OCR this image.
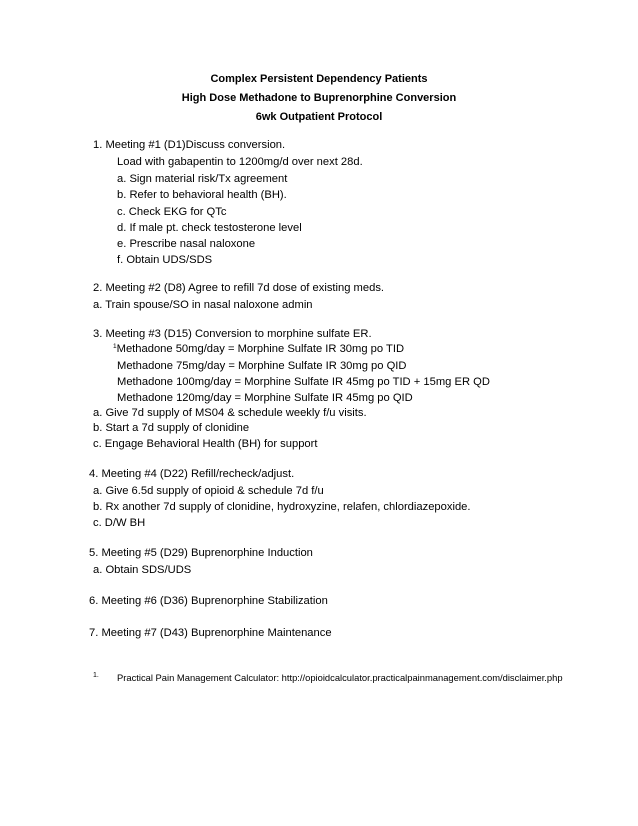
Complex Persistent Dependency Patients
High Dose Methadone to Buprenorphine Conversion
6wk Outpatient Protocol
1. Meeting #1 (D1)Discuss conversion.
Load with gabapentin to 1200mg/d over next 28d.
a. Sign material risk/Tx agreement
b. Refer to behavioral health (BH).
c. Check EKG for QTc
d. If male pt. check testosterone level
e. Prescribe nasal naloxone
f. Obtain UDS/SDS
2. Meeting #2 (D8) Agree to refill 7d dose of existing meds.
a. Train spouse/SO in nasal naloxone admin
3. Meeting #3 (D15) Conversion to morphine sulfate ER.
$^1$Methadone 50mg/day = Morphine Sulfate IR 30mg po TID
Methadone 75mg/day = Morphine Sulfate IR 30mg po QID
Methadone 100mg/day = Morphine Sulfate IR 45mg po TID + 15mg ER QD
Methadone 120mg/day = Morphine Sulfate IR 45mg po QID
a. Give 7d supply of MS04 & schedule weekly f/u visits.
b. Start a 7d supply of clonidine
c. Engage Behavioral Health (BH) for support
4. Meeting #4 (D22) Refill/recheck/adjust.
a. Give 6.5d supply of opioid & schedule 7d f/u
b. Rx another 7d supply of clonidine, hydroxyzine, relafen, chlordiazepoxide.
c. D/W BH
5. Meeting #5 (D29) Buprenorphine Induction
a. Obtain SDS/UDS
6. Meeting #6 (D36) Buprenorphine Stabilization
7. Meeting #7 (D43) Buprenorphine Maintenance
1. Practical Pain Management Calculator: http://opioidcalculator.practicalpainmanagement.com/disclaimer.php
